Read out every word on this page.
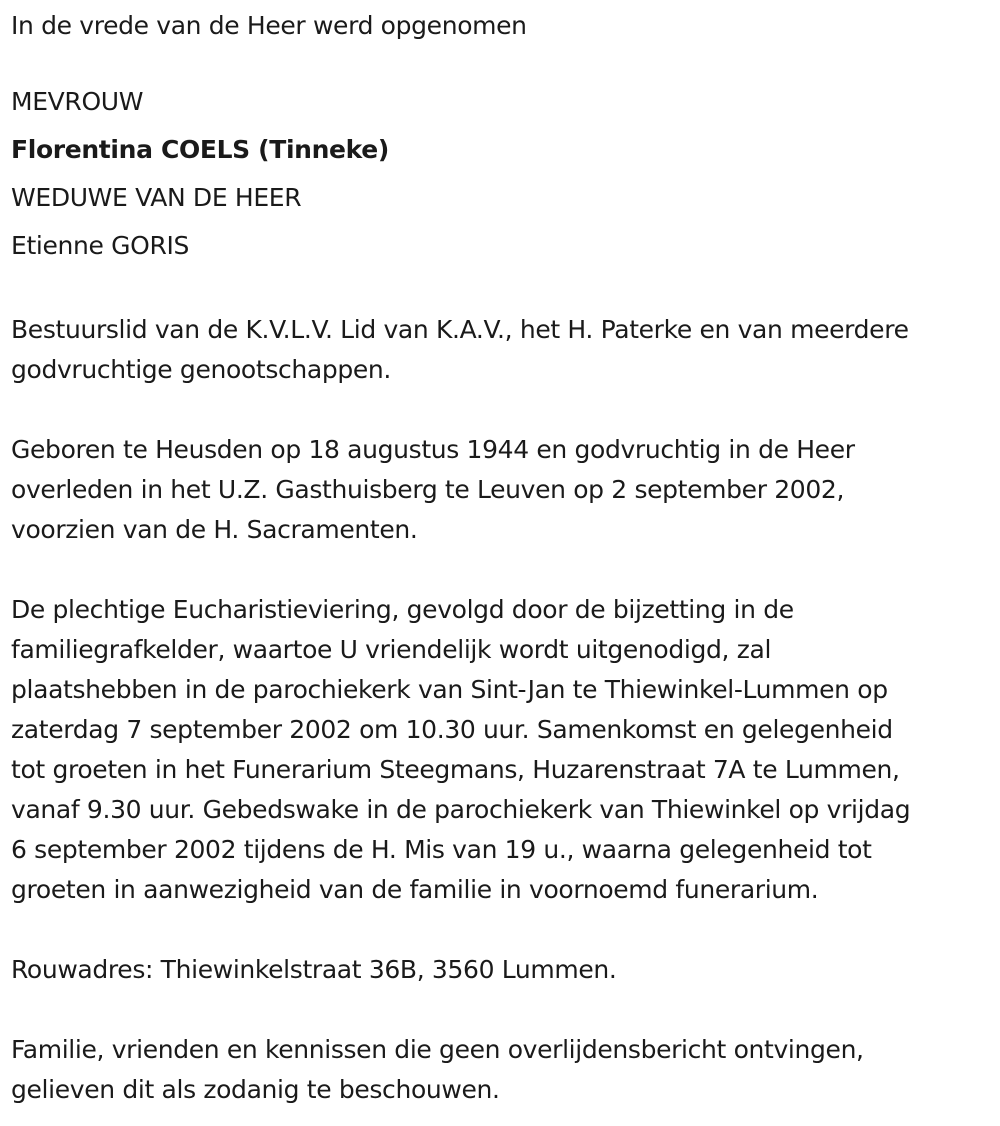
In de vrede van de Heer werd opgenomen

MEVROUW

Florentina COELS (Tinneke)

WEDUWE VAN DE HEER

Etienne GORIS

Bestuurslid van de K.V.L.V. Lid van K.A.V., het H. Paterke en van meerdere

godvruchtige genootschappen.

Geboren te Heusden op 18 augustus 1944 en godvruchtig in de Heer

overleden in het U.Z. Gasthuisberg te Leuven op 2 september 2002,

voorzien van de H. Sacramenten.

De plechtige Eucharistieviering, gevolgd door de bijzetting in de

familiegrafkelder, waartoe U vriendelijk wordt uitgenodigd, zal

plaatshebben in de parochiekerk van Sint-Jan te Thiewinkel-Lummen op

zaterdag 7 september 2002 om 10.30 uur. Samenkomst en gelegenheid

tot groeten in het Funerarium Steegmans, Huzarenstraat 7A te Lummen,

vanaf 9.30 uur. Gebedswake in de parochiekerk van Thiewinkel op vrijdag

6 september 2002 tijdens de H. Mis van 19 u., waarna gelegenheid tot

groeten in aanwezigheid van de familie in voornoemd funerarium.

Rouwadres: Thiewinkelstraat 36B, 3560 Lummen.

Familie, vrienden en kennissen die geen overlijdensbericht ontvingen,

gelieven dit als zodanig te beschouwen.
